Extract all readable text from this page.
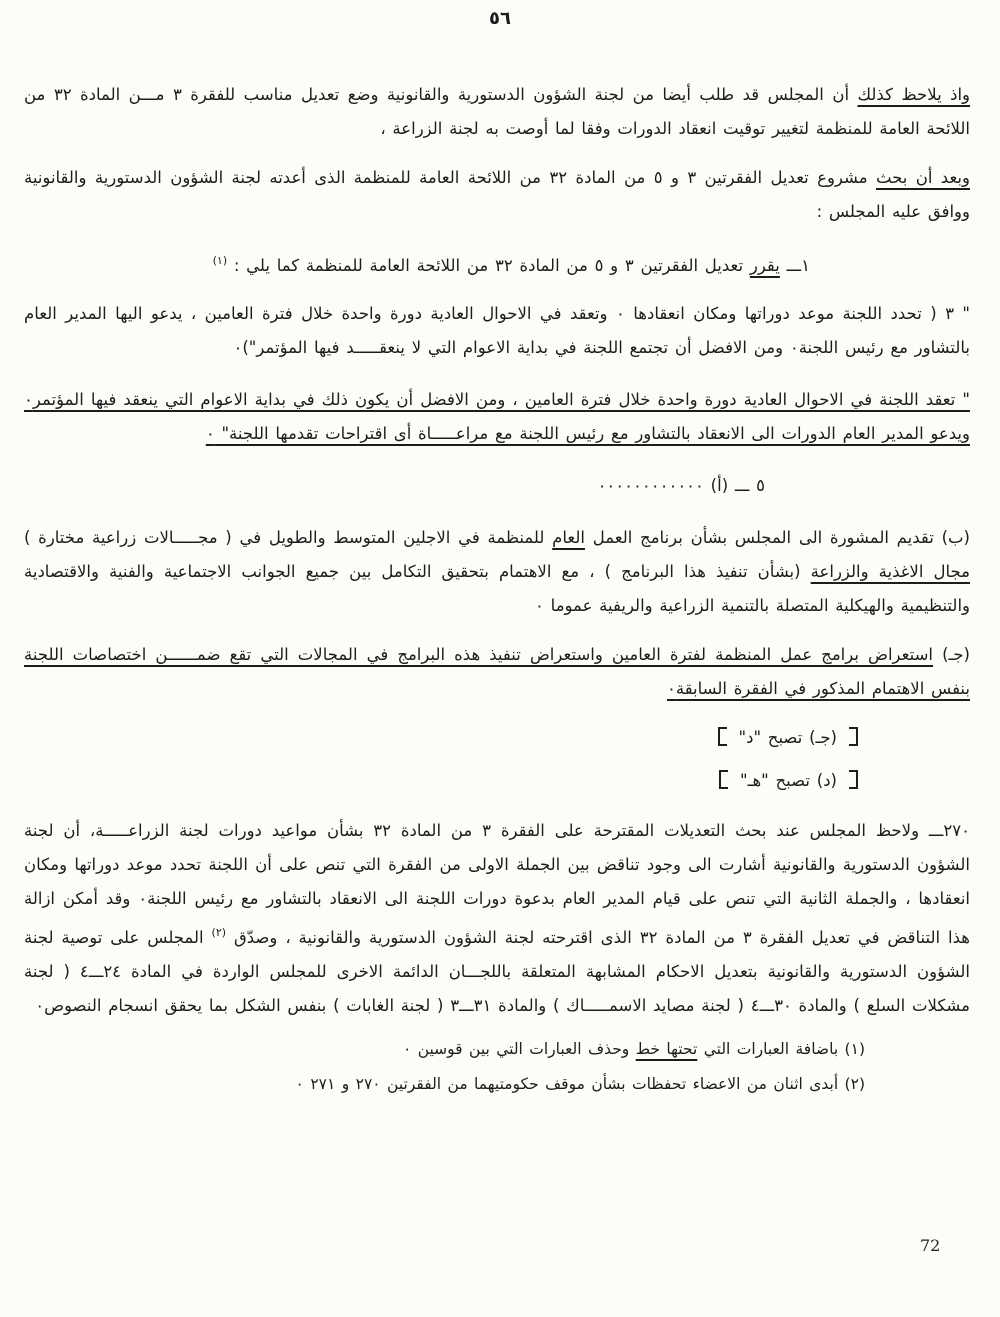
٥٦

واذ يلاحظ كذلك أن المجلس قد طلب أيضا من لجنة الشؤون الدستورية والقانونية وضع تعديل مناسب للفقرة ٣ مـــن المادة ٣٢ من اللائحة العامة للمنظمة لتغيير توقيت انعقاد الدورات وفقا لما أوصت به لجنة الزراعة ،

وبعد أن بحث مشروع تعديل الفقرتين ٣ و ٥ من المادة ٣٢ من اللائحة العامة للمنظمة الذى أعدته لجنة الشؤون الدستورية والقانونية ووافق عليه المجلس :

١ـــ يقرر تعديل الفقرتين ٣ و ٥ من المادة ٣٢ من اللائحة العامة للمنظمة كما يلي : $^{(١)}$

" ٣ ( تحدد اللجنة موعد دوراتها ومكان انعقادها ٠ وتعقد في الاحوال العادية دورة واحدة خلال فترة العامين ، يدعو اليها المدير العام بالتشاور مع رئيس اللجنة٠ ومن الافضل أن تجتمع اللجنة في بداية الاعوام التي لا ينعقـــــد فيها المؤتمر")٠

" تعقد اللجنة في الاحوال العادية دورة واحدة خلال فترة العامين ، ومن الافضل أن يكون ذلك في بداية الاعوام التي ينعقد فيها المؤتمر٠ ويدعو المدير العام الدورات الى الانعقاد بالتشاور مع رئيس اللجنة مع مراعـــــاة أى اقتراحات تقدمها اللجنة" ٠

٥ ـــ (أ) ٠٠٠٠٠٠٠٠٠٠٠٠

(ب) تقديم المشورة الى المجلس بشأن برنامج العمل العام للمنظمة في الاجلين المتوسط والطويل في ( مجـــــالات زراعية مختارة ) مجال الاغذية والزراعة (بشأن تنفيذ هذا البرنامج ) ، مع الاهتمام بتحقيق التكامل بين جميع الجوانب الاجتماعية والفنية والاقتصادية والتنظيمية والهيكلية المتصلة بالتنمية الزراعية والريفية عموما ٠

(جـ) استعراض برامج عمل المنظمة لفترة العامين واستعراض تنفيذ هذه البرامج في المجالات التي تقع ضمــــــن اختصاصات اللجنة بنفس الاهتمام المذكور في الفقرة السابقة٠

(جـ) تصبح "د"

(د) تصبح "هـ"

٢٧٠ـــ ولاحظ المجلس عند بحث التعديلات المقترحة على الفقرة ٣ من المادة ٣٢ بشأن مواعيد دورات لجنة الزراعـــــة، أن لجنة الشؤون الدستورية والقانونية أشارت الى وجود تناقض بين الجملة الاولى من الفقرة التي تنص على أن اللجنة تحدد موعد دوراتها ومكان انعقادها ، والجملة الثانية التي تنص على قيام المدير العام بدعوة دورات اللجنة الى الانعقاد بالتشاور مع رئيس اللجنة٠ وقد أمكن ازالة هذا التناقض في تعديل الفقرة ٣ من المادة ٣٢ الذى اقترحته لجنة الشؤون الدستورية والقانونية ، وصدّق $^{(٢)}$ المجلس على توصية لجنة الشؤون الدستورية والقانونية بتعديل الاحكام المشابهة المتعلقة باللجـــان الدائمة الاخرى للمجلس الواردة في المادة ٢٤ـــ٤ ( لجنة مشكلات السلع ) والمادة ٣٠ـــ٤ ( لجنة مصايد الاسمـــــاك ) والمادة ٣١ـــ٣ ( لجنة الغابات ) بنفس الشكل بما يحقق انسجام النصوص٠

(١) باضافة العبارات التي تحتها خط وحذف العبارات التي بين قوسين ٠

(٢) أبدى اثنان من الاعضاء تحفظات بشأن موقف حكومتيهما من الفقرتين ٢٧٠ و ٢٧١ ٠

72
